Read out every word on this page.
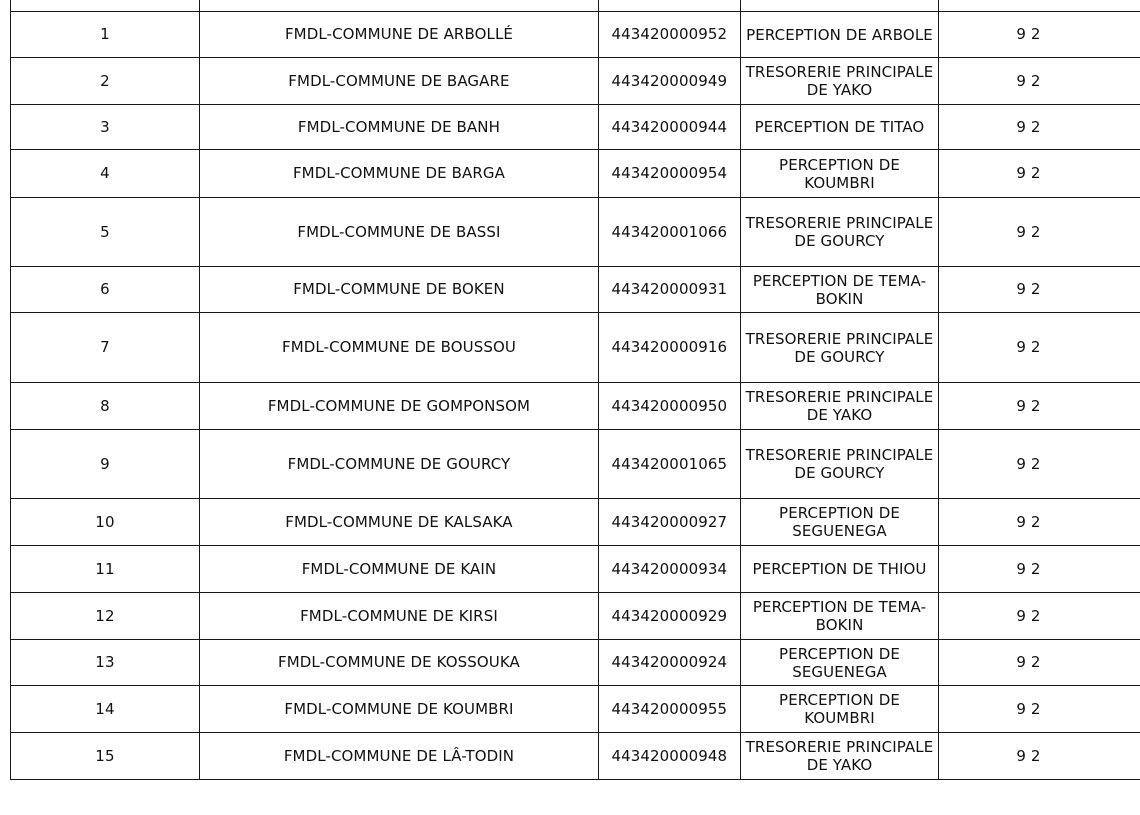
1	FMDL-COMMUNE DE ARBOLLÉ	443420000952	PERCEPTION DE ARBOLE	9 2
2	FMDL-COMMUNE DE BAGARE	443420000949	TRESORERIE PRINCIPALE DE YAKO	9 2
3	FMDL-COMMUNE DE BANH	443420000944	PERCEPTION DE TITAO	9 2
4	FMDL-COMMUNE DE BARGA	443420000954	PERCEPTION DE KOUMBRI	9 2
5	FMDL-COMMUNE DE BASSI	443420001066	TRESORERIE PRINCIPALE DE GOURCY	9 2
6	FMDL-COMMUNE DE BOKEN	443420000931	PERCEPTION DE TEMA-BOKIN	9 2
7	FMDL-COMMUNE DE BOUSSOU	443420000916	TRESORERIE PRINCIPALE DE GOURCY	9 2
8	FMDL-COMMUNE DE GOMPONSOM	443420000950	TRESORERIE PRINCIPALE DE YAKO	9 2
9	FMDL-COMMUNE DE GOURCY	443420001065	TRESORERIE PRINCIPALE DE GOURCY	9 2
10	FMDL-COMMUNE DE KALSAKA	443420000927	PERCEPTION DE SEGUENEGA	9 2
11	FMDL-COMMUNE DE KAIN	443420000934	PERCEPTION DE THIOU	9 2
12	FMDL-COMMUNE DE KIRSI	443420000929	PERCEPTION DE TEMA-BOKIN	9 2
13	FMDL-COMMUNE DE KOSSOUKA	443420000924	PERCEPTION DE SEGUENEGA	9 2
14	FMDL-COMMUNE DE KOUMBRI	443420000955	PERCEPTION DE KOUMBRI	9 2
15	FMDL-COMMUNE DE LÂ-TODIN	443420000948	TRESORERIE PRINCIPALE DE YAKO	9 2
